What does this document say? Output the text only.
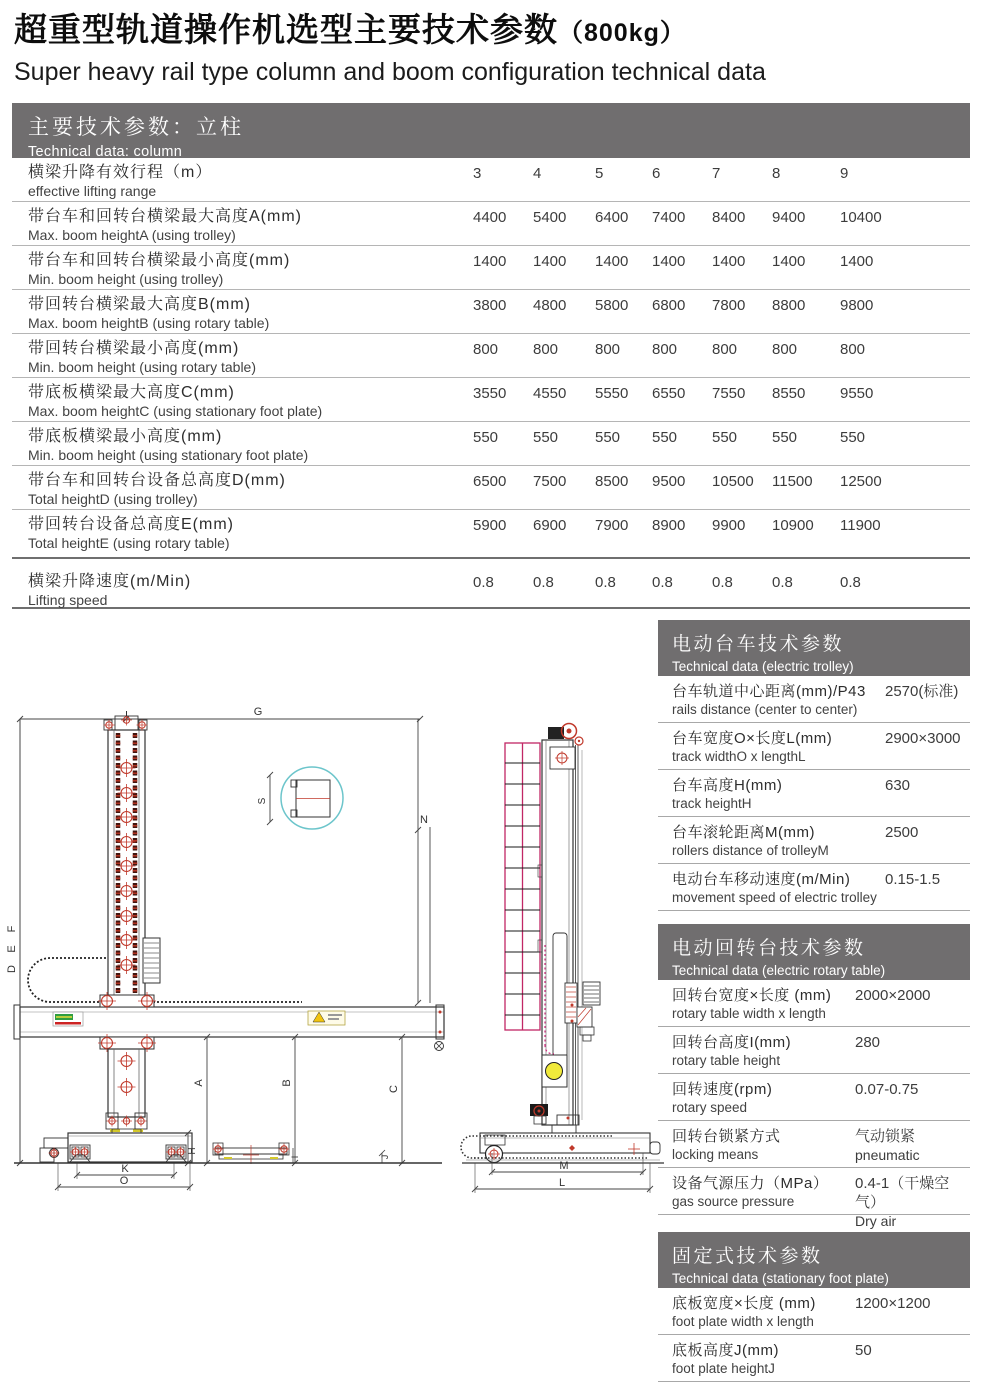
超重型轨道操作机选型主要技术参数（800kg）
Super heavy rail type column and boom configuration technical data
主要技术参数：立柱
Technical data: column
横梁升降有效行程（m）
effective lifting range
3	4	5	6	7	8	9
带台车和回转台横梁最大高度A(mm)
Max. boom heightA (using trolley)
4400 5400 6400 7400 8400 9400 10400
带台车和回转台横梁最小高度(mm)
Min. boom height (using trolley)
1400 1400 1400 1400 1400 1400 1400
带回转台横梁最大高度B(mm)
Max. boom heightB (using rotary table)
3800 4800 5800 6800 7800 8800 9800
带回转台横梁最小高度(mm)
Min. boom height (using rotary table)
800 800 800 800 800 800	800
带底板横梁最大高度C(mm)
Max. boom heightC (using stationary foot plate)
3550 4550 5550 6550 7550 8550 9550
带底板横梁最小高度(mm)
Min. boom height (using stationary foot plate)
550 550 550 550 550 550	550
带台车和回转台设备总高度D(mm)
Total heightD (using trolley)
6500 7500 8500 9500 10500 11500 12500
带回转台设备总高度E(mm)
Total heightE (using rotary table)
5900 6900 7900 8900 9900 10900 11900
横梁升降速度(m/Min)
Lifting speed
0.8	0.8	0.8 0.8	0.8	0.8	0.8
电动台车技术参数
Technical data (electric trolley)
台车轨道中心距离(mm)/P43
rails distance (center to center)
2570(标准)
台车宽度O×长度L(mm)
track widthO x lengthL
2900×3000
台车高度H(mm)
track heightH
630
台车滚轮距离M(mm)
rollers distance of trolleyM
2500
电动台车移动速度(m/Min)
movement speed of electric trolley
0.15-1.5
电动回转台技术参数
Technical data (electric rotary table)
回转台宽度×长度 (mm)
rotary table width x length
2000×2000
回转台高度I(mm)
rotary table height
280
回转速度(rpm)
rotary speed
0.07-0.75
回转台锁紧方式
locking means
气动锁紧
pneumatic
设备气源压力（MPa）
gas source pressure
0.4-1（干燥空气）
Dry air
固定式技术参数
Technical data (stationary foot plate)
底板宽度×长度 (mm)
foot plate width x length
1200×1200
底板高度J(mm)
foot plate heightJ
50
G
F
E
D
S
N
H
K
O
A	B
C
J
I
M
L
